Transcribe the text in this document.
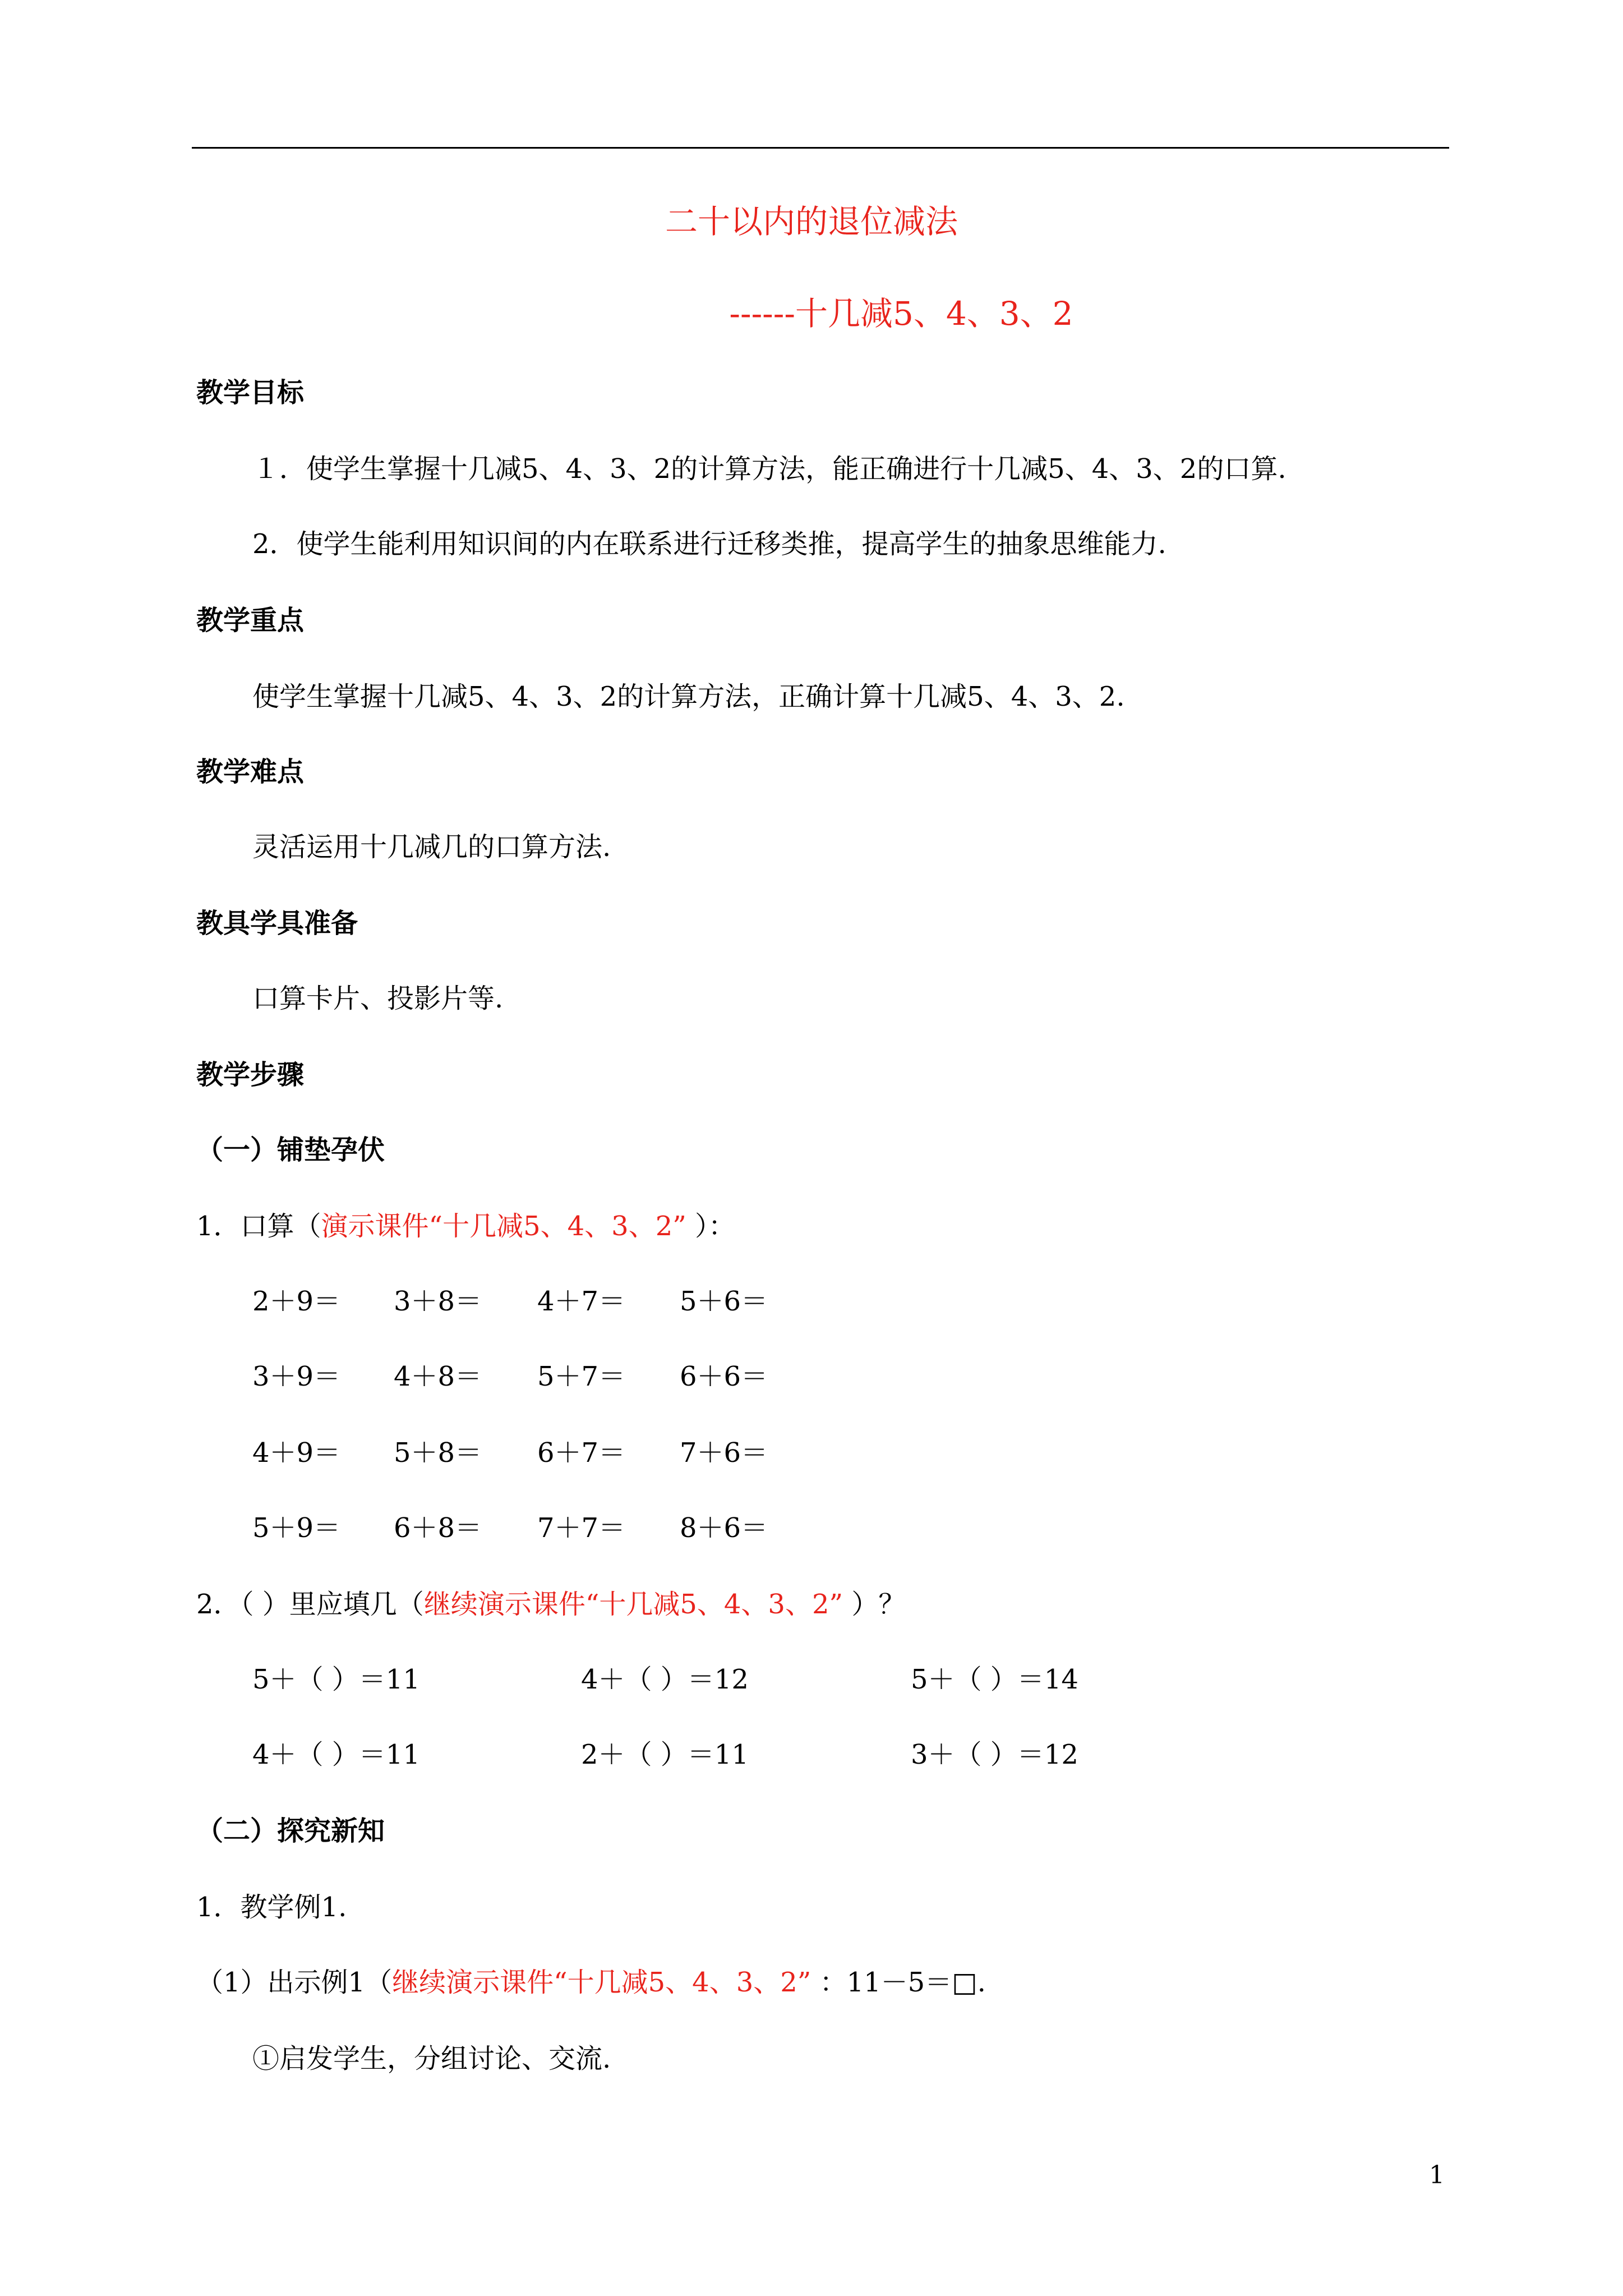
二十以内的退位减法
------十几减5、4、3、2
教学目标
１．使学生掌握十几减5、4、3、2的计算方法，能正确进行十几减5、4、3、2的口算.
2．使学生能利用知识间的内在联系进行迁移类推，提高学生的抽象思维能力.
教学重点
使学生掌握十几减5、4、3、2的计算方法，正确计算十几减5、4、3、2.
教学难点
灵活运用十几减几的口算方法.
教具学具准备
口算卡片、投影片等.
教学步骤
（一）铺垫孕伏
1．口算（演示课件“十几减5、4、3、2” ）：
2＋9＝ 3＋8＝ 4＋7＝ 5＋6＝
3＋9＝ 4＋8＝ 5＋7＝ 6＋6＝
4＋9＝ 5＋8＝ 6＋7＝ 7＋6＝
5＋9＝ 6＋8＝ 7＋7＝ 8＋6＝
2．（ ）里应填几（继续演示课件“十几减5、4、3、2” ）？
5＋（ ）＝11	4＋（ ）＝12	5＋（ ）＝14
4＋（ ）＝11	2＋（ ）＝11	3＋（ ）＝12
（二）探究新知
1．教学例1.
（1）出示例1（继续演示课件“十几减5、4、3、2” ：11－5＝□.
①启发学生，分组讨论、交流.
1
